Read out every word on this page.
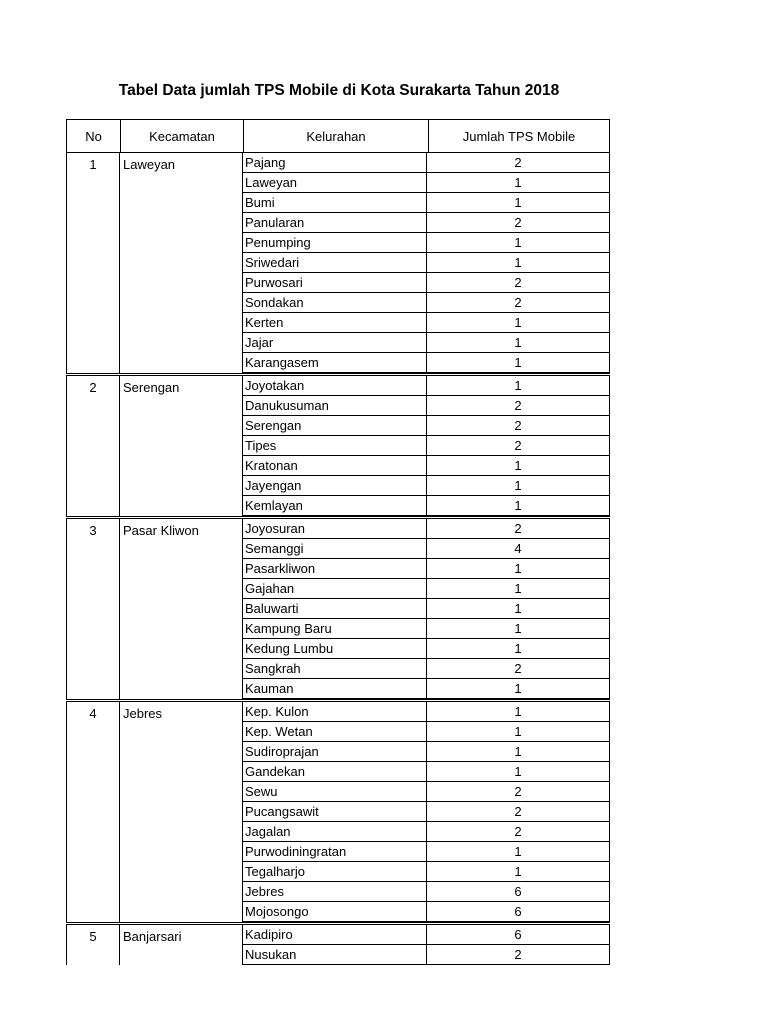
Tabel Data jumlah TPS Mobile di Kota Surakarta Tahun 2018
No	Kecamatan	Kelurahan	Jumlah TPS Mobile
1	Laweyan	Pajang	2
Laweyan	1
Bumi	1
Panularan	2
Penumping	1
Sriwedari	1
Purwosari	2
Sondakan	2
Kerten	1
Jajar	1
Karangasem	1
2	Serengan	Joyotakan	1
Danukusuman	2
Serengan	2
Tipes	2
Kratonan	1
Jayengan	1
Kemlayan	1
3	Pasar Kliwon	Joyosuran	2
Semanggi	4
Pasarkliwon	1
Gajahan	1
Baluwarti	1
Kampung Baru	1
Kedung Lumbu	1
Sangkrah	2
Kauman	1
4	Jebres	Kep. Kulon	1
Kep. Wetan	1
Sudiroprajan	1
Gandekan	1
Sewu	2
Pucangsawit	2
Jagalan	2
Purwodiningratan	1
Tegalharjo	1
Jebres	6
Mojosongo	6
5	Banjarsari	Kadipiro	6
Nusukan	2
